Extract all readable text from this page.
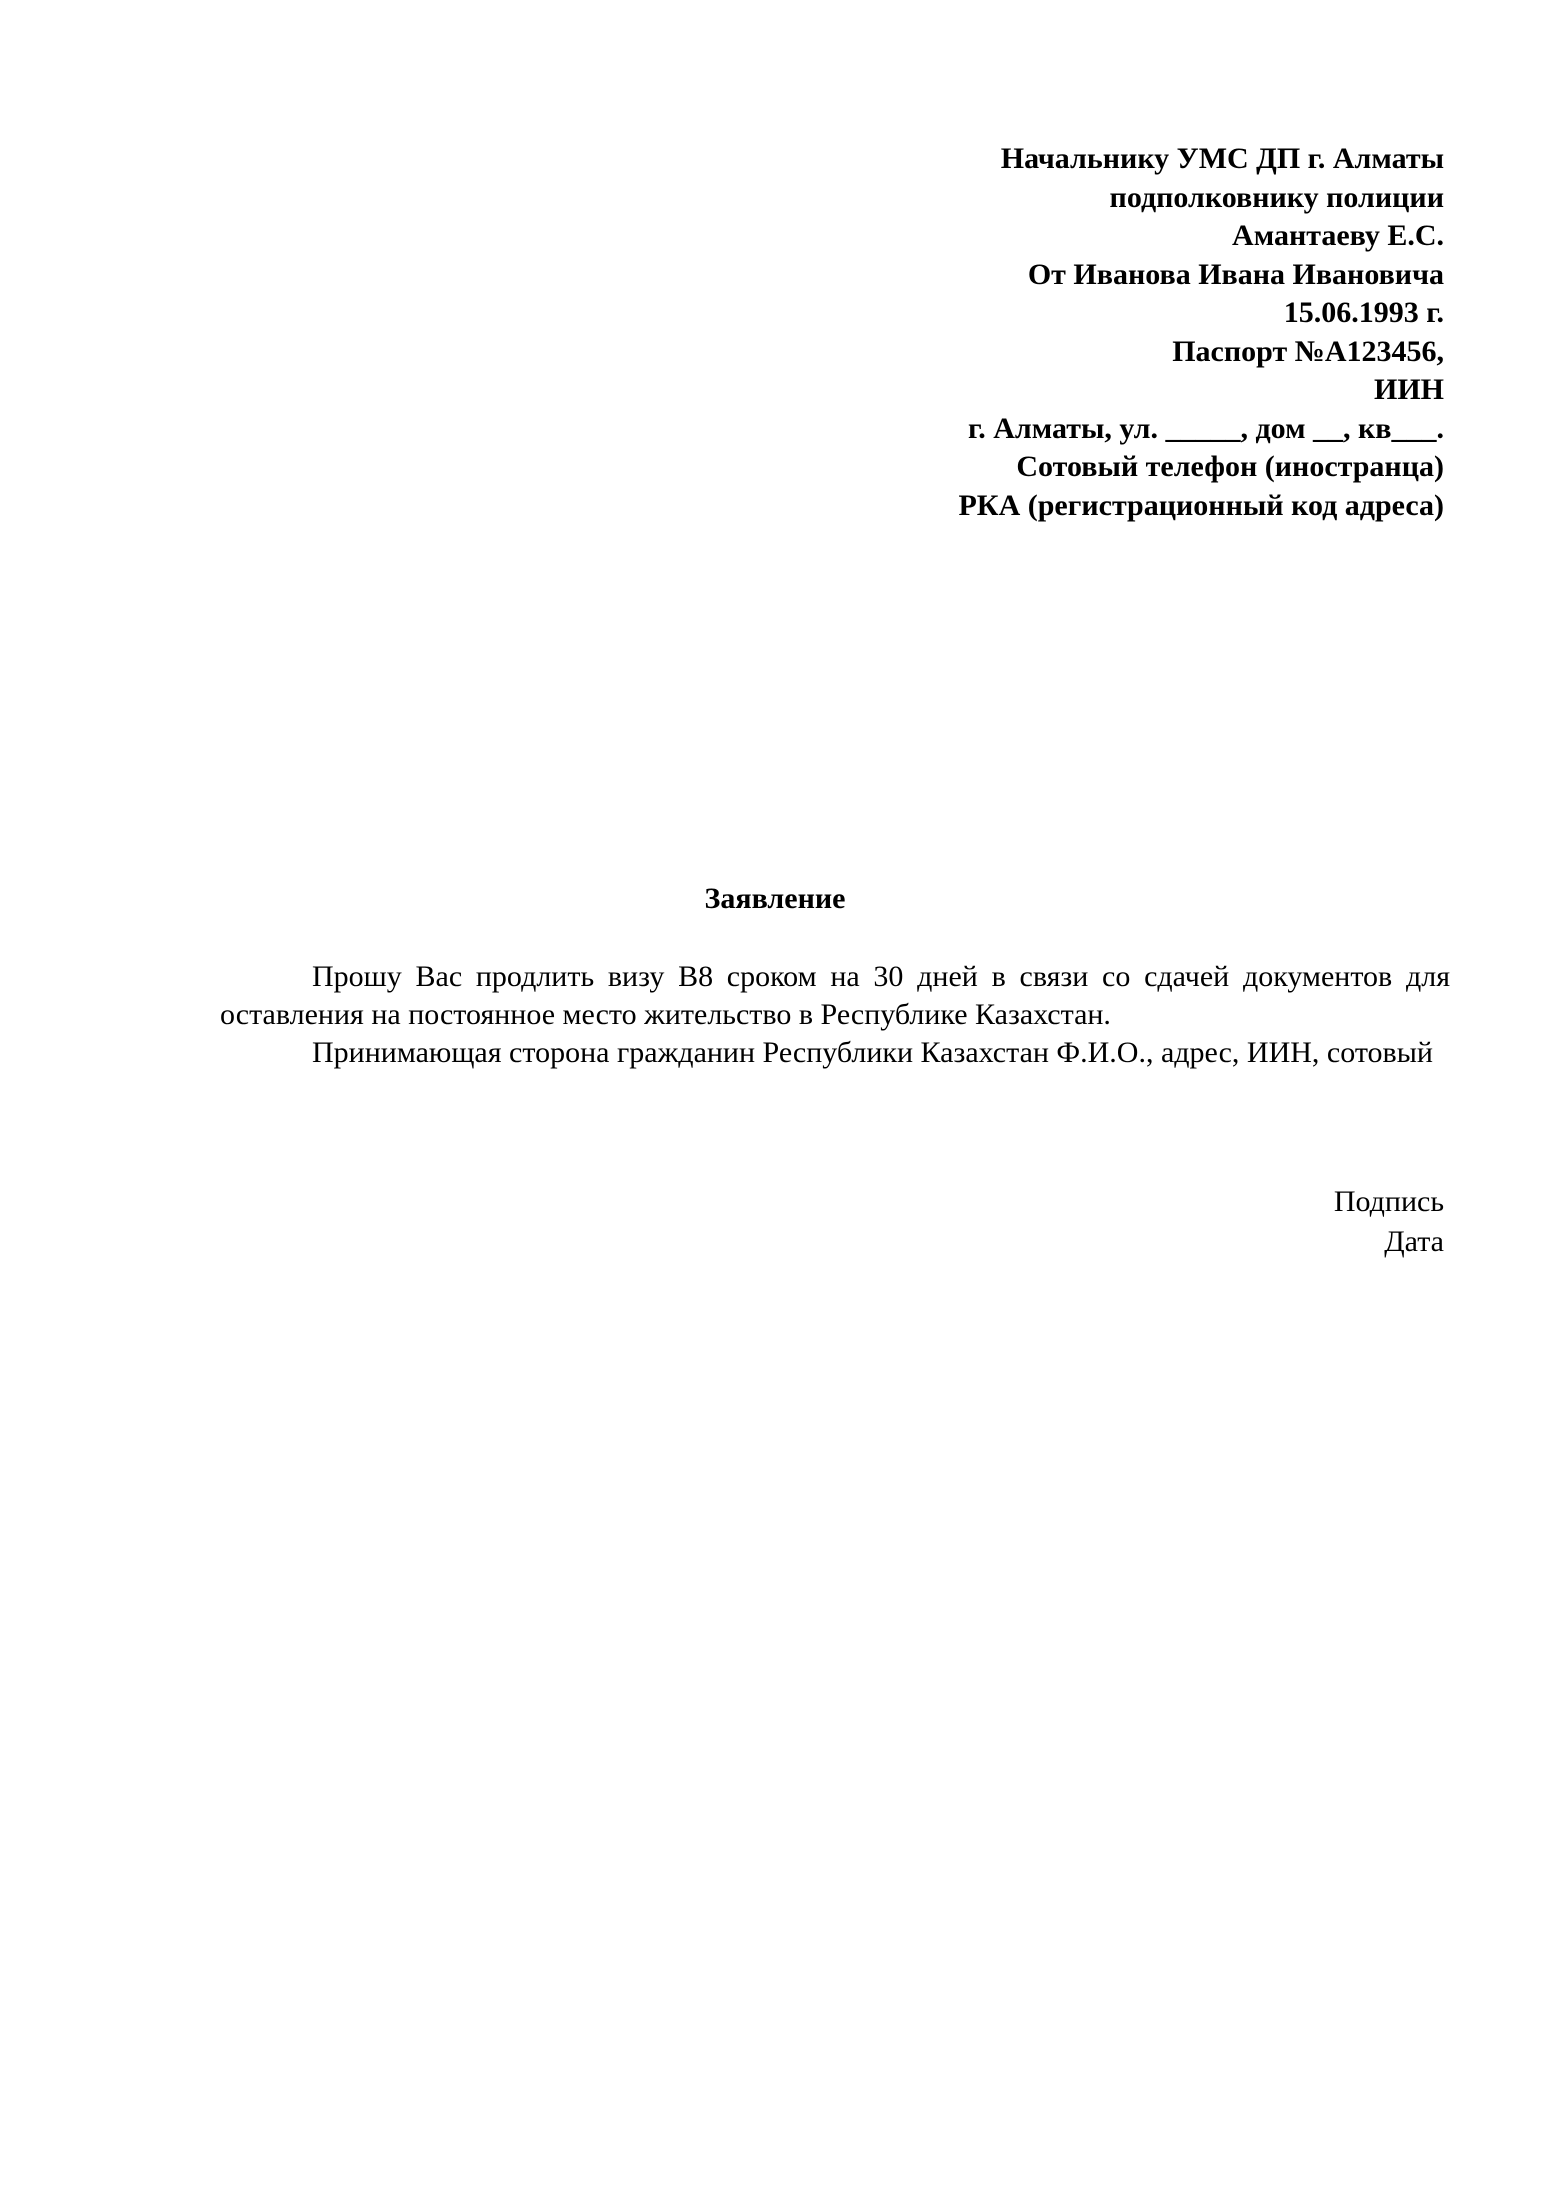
Начальнику УМС ДП г. Алматы
подполковнику полиции
Амантаеву Е.С.
От Иванова Ивана Ивановича
15.06.1993 г.
Паспорт №А123456,
ИИН
г. Алматы, ул. _____, дом __, кв___.
Сотовый телефон (иностранца)
РКА (регистрационный код адреса)
Заявление

Прошу Вас продлить визу В8 сроком на 30 дней в связи со сдачей документов для оставления на постоянное место жительство в Республике Казахстан.

Принимающая сторона гражданин Республики Казахстан Ф.И.О., адрес, ИИН, сотовый

Подпись
Дата
